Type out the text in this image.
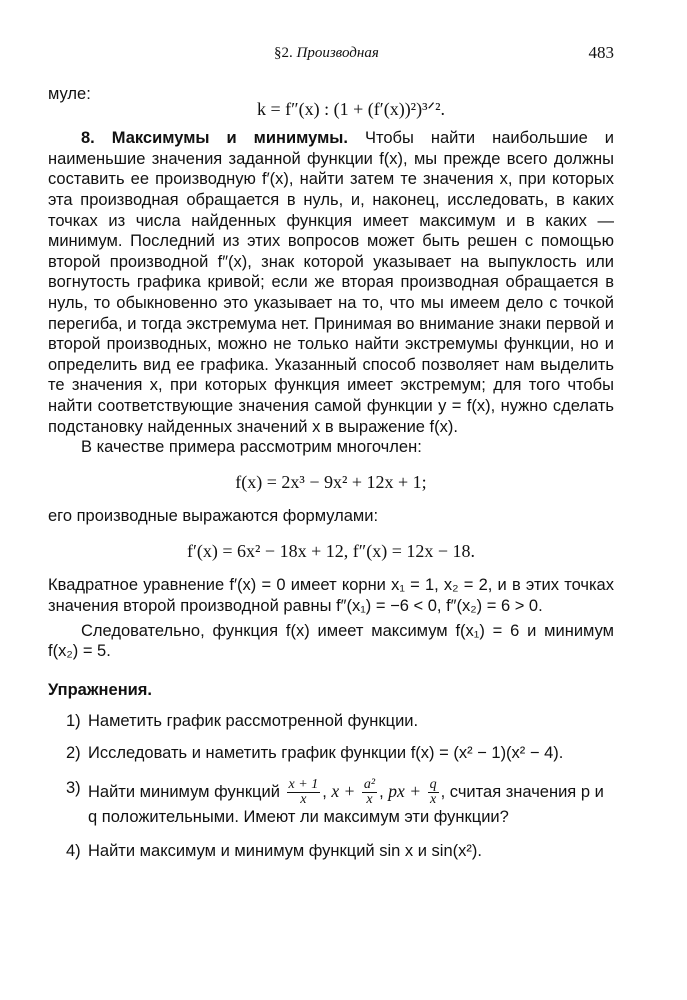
§2. Производная	483

муле:

k = f″(x) : (1 + (f′(x))²)³ᐟ².

8. Максимумы и минимумы. Чтобы найти наибольшие и наименьшие значения заданной функции f(x), мы прежде всего должны составить ее производную f′(x), найти затем те значения x, при которых эта производная обращается в нуль, и, наконец, исследовать, в каких точках из числа найденных функция имеет максимум и в каких — минимум. Последний из этих вопросов может быть решен с помощью второй производной f″(x), знак которой указывает на выпуклость или вогнутость графика кривой; если же вторая производная обращается в нуль, то обыкновенно это указывает на то, что мы имеем дело с точкой перегиба, и тогда экстремума нет. Принимая во внимание знаки первой и второй производных, можно не только найти экстремумы функции, но и определить вид ее графика. Указанный способ позволяет нам выделить те значения x, при которых функция имеет экстремум; для того чтобы найти соответствующие значения самой функции y = f(x), нужно сделать подстановку найденных значений x в выражение f(x).

В качестве примера рассмотрим многочлен:

f(x) = 2x³ − 9x² + 12x + 1;

его производные выражаются формулами:

f′(x) = 6x² − 18x + 12, f″(x) = 12x − 18.

Квадратное уравнение f′(x) = 0 имеет корни x₁ = 1, x₂ = 2, и в этих точках значения второй производной равны f″(x₁) = −6 < 0, f″(x₂) = 6 > 0.

Следовательно, функция f(x) имеет максимум f(x₁) = 6 и минимум f(x₂) = 5.

Упражнения.
1) Наметить график рассмотренной функции.
2) Исследовать и наметить график функции f(x) = (x² − 1)(x² − 4).
3) Найти минимум функций $\frac{x + 1}{x}$ , $x + \frac{\text{a²}}{x}$ , px + $\frac{q}{x}$ , считая значения p и q положительными. Имеют ли максимум эти функции?
4) Найти максимум и минимум функций sin x и sin(x²).
